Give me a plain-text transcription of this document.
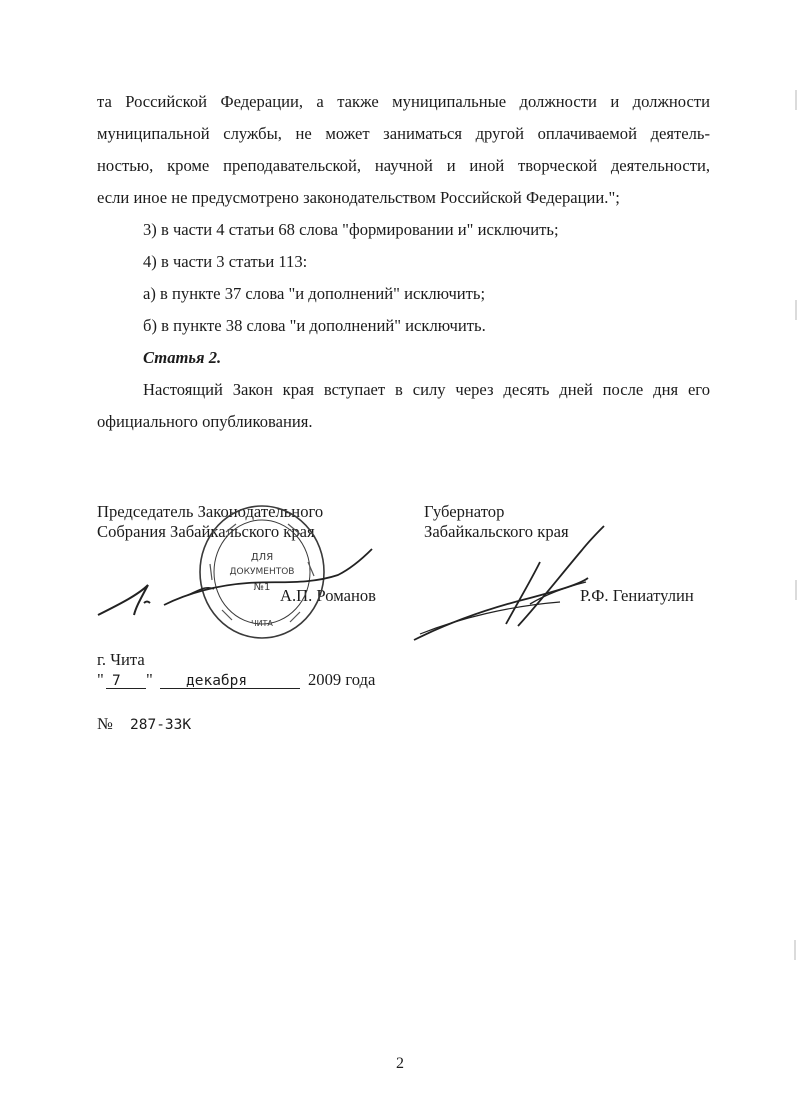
та Российской Федерации, а также муниципальные должности и должности
муниципальной службы, не может заниматься другой оплачиваемой деятель-
ностью, кроме преподавательской, научной и иной творческой деятельности,
если иное не предусмотрено законодательством Российской Федерации.";
3) в части 4 статьи 68 слова "формировании и" исключить;
4) в части 3 статьи 113:
а) в пункте 37 слова "и дополнений" исключить;
б) в пункте 38 слова "и дополнений" исключить.
Статья 2.
Настоящий Закон края вступает в силу через десять дней после дня его
официального опубликования.
Председатель Законодательного
Собрания Забайкальского края
А.П. Романов
Губернатор
Забайкальского края
Р.Ф. Гениатулин
ДЛЯ
ДОКУМЕНТОВ
№1
ЧИТА
г. Чита
" 7 " декабря	2009 года
№ 287-ЗЗК
2
